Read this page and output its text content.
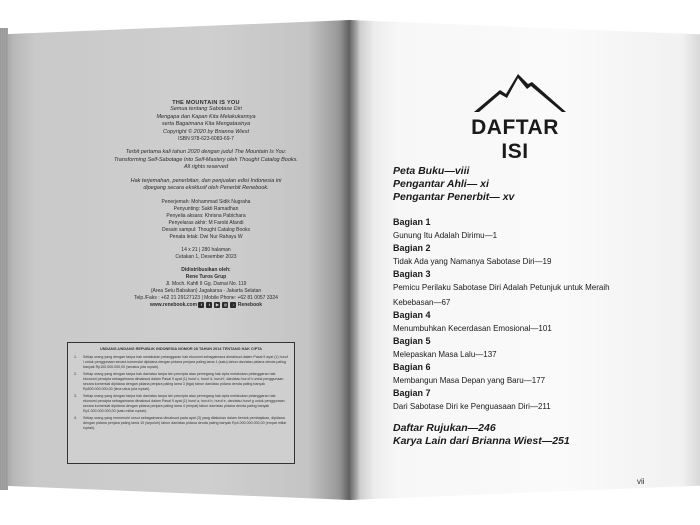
THE MOUNTAIN IS YOU
Semua tentang Sabotase Diri
Mengapa dan Kapan Kita Melakukannya
serta Bagaimana Kita Mengatasinya
Copyright © 2020 by Brianna Wiest
ISBN 978-623-6083-69-7
Terbit pertama kali tahun 2020 dengan judul The Mountain Is You:
Transforming Self-Sabotage Into Self-Mastery oleh Thought Catalog Books.
All rights reserved
Hak terjemahan, penerbitan, dan penjualan edisi Indonesia ini
dipegang secara eksklusif oleh Penerbit Renebook.
Penerjemah: Mohammad Sidik Nugraha
Penyunting: Sakti Ramadhan
Penyelia aksara: Khrisna Pabichara
Penyelaras akhir: M Farobi Afandi
Desain sampul: Thought Catalog Books
Penata letak: Dwi Nur Rahayu W
14 x 21 | 280 halaman
Cetakan 1, Desember 2023
Didistribusikan oleh:
Rene Turos Grup
Jl. Moch. Kahfi II Gg. Damai No. 119
(Area Setu Babakan) Jagakarsa - Jakarta Selatan
Telp./Faks : +62 21 29127123 | Mobile Phone: +62 81 0057 3324
www.renebook.com f	t	▶	◎	♪ Renebook
UNDANG-UNDANG REPUBLIK INDONESIA NOMOR 28 TAHUN 2014 TENTANG HAK CIPTA
1.	Setiap orang yang dengan tanpa hak melakukan pelanggaran hak ekonomi sebagaimana dimaksud dalam Pasal 9 ayat (1) huruf i untuk penggunaan secara komersial dipidana dengan pidana penjara paling lama 1 (satu) tahun dan/atau pidana denda paling banyak Rp100.000.000,00 (seratus juta rupiah).
2.	Setiap orang yang dengan tanpa hak dan/atau tanpa izin pencipta atau pemegang hak cipta melakukan pelanggaran hak ekonomi pencipta sebagaimana dimaksud dalam Pasal 9 ayat (1) huruf c, huruf d, huruf f, dan/atau huruf h untuk penggunaan secara komersial dipidana dengan pidana penjara paling lama 3 (tiga) tahun dan/atau pidana denda paling banyak Rp500.000.000,00 (lima ratus juta rupiah).
3.	Setiap orang yang dengan tanpa hak dan/atau tanpa izin pencipta atau pemegang hak cipta melakukan pelanggaran hak ekonomi pencipta sebagaimana dimaksud dalam Pasal 9 ayat (1) huruf a, huruf b, huruf e, dan/atau huruf g untuk penggunaan secara komersial dipidana dengan pidana penjara paling lama 4 (empat) tahun dan/atau pidana denda paling banyak Rp1.000.000.000,00 (satu miliar rupiah).
4.	Setiap orang yang memenuhi unsur sebagaimana dimaksud pada ayat (3) yang dilakukan dalam bentuk pembajakan, dipidana dengan pidana penjara paling lama 10 (sepuluh) tahun dan/atau pidana denda paling banyak Rp4.000.000.000,00 (empat miliar rupiah).
DAFTAR ISI
Peta Buku—viii
Pengantar Ahli— xi
Pengantar Penerbit— xv
Bagian 1
Gunung Itu Adalah Dirimu—1
Bagian 2
Tidak Ada yang Namanya Sabotase Diri—19
Bagian 3
Pemicu Perilaku Sabotase Diri Adalah Petunjuk untuk Meraih
Kebebasan—67
Bagian 4
Menumbuhkan Kecerdasan Emosional—101
Bagian 5
Melepaskan Masa Lalu—137
Bagian 6
Membangun Masa Depan yang Baru—177
Bagian 7
Dari Sabotase Diri ke Penguasaan Diri—211
Daftar Rujukan—246
Karya Lain dari Brianna Wiest—251
vii
